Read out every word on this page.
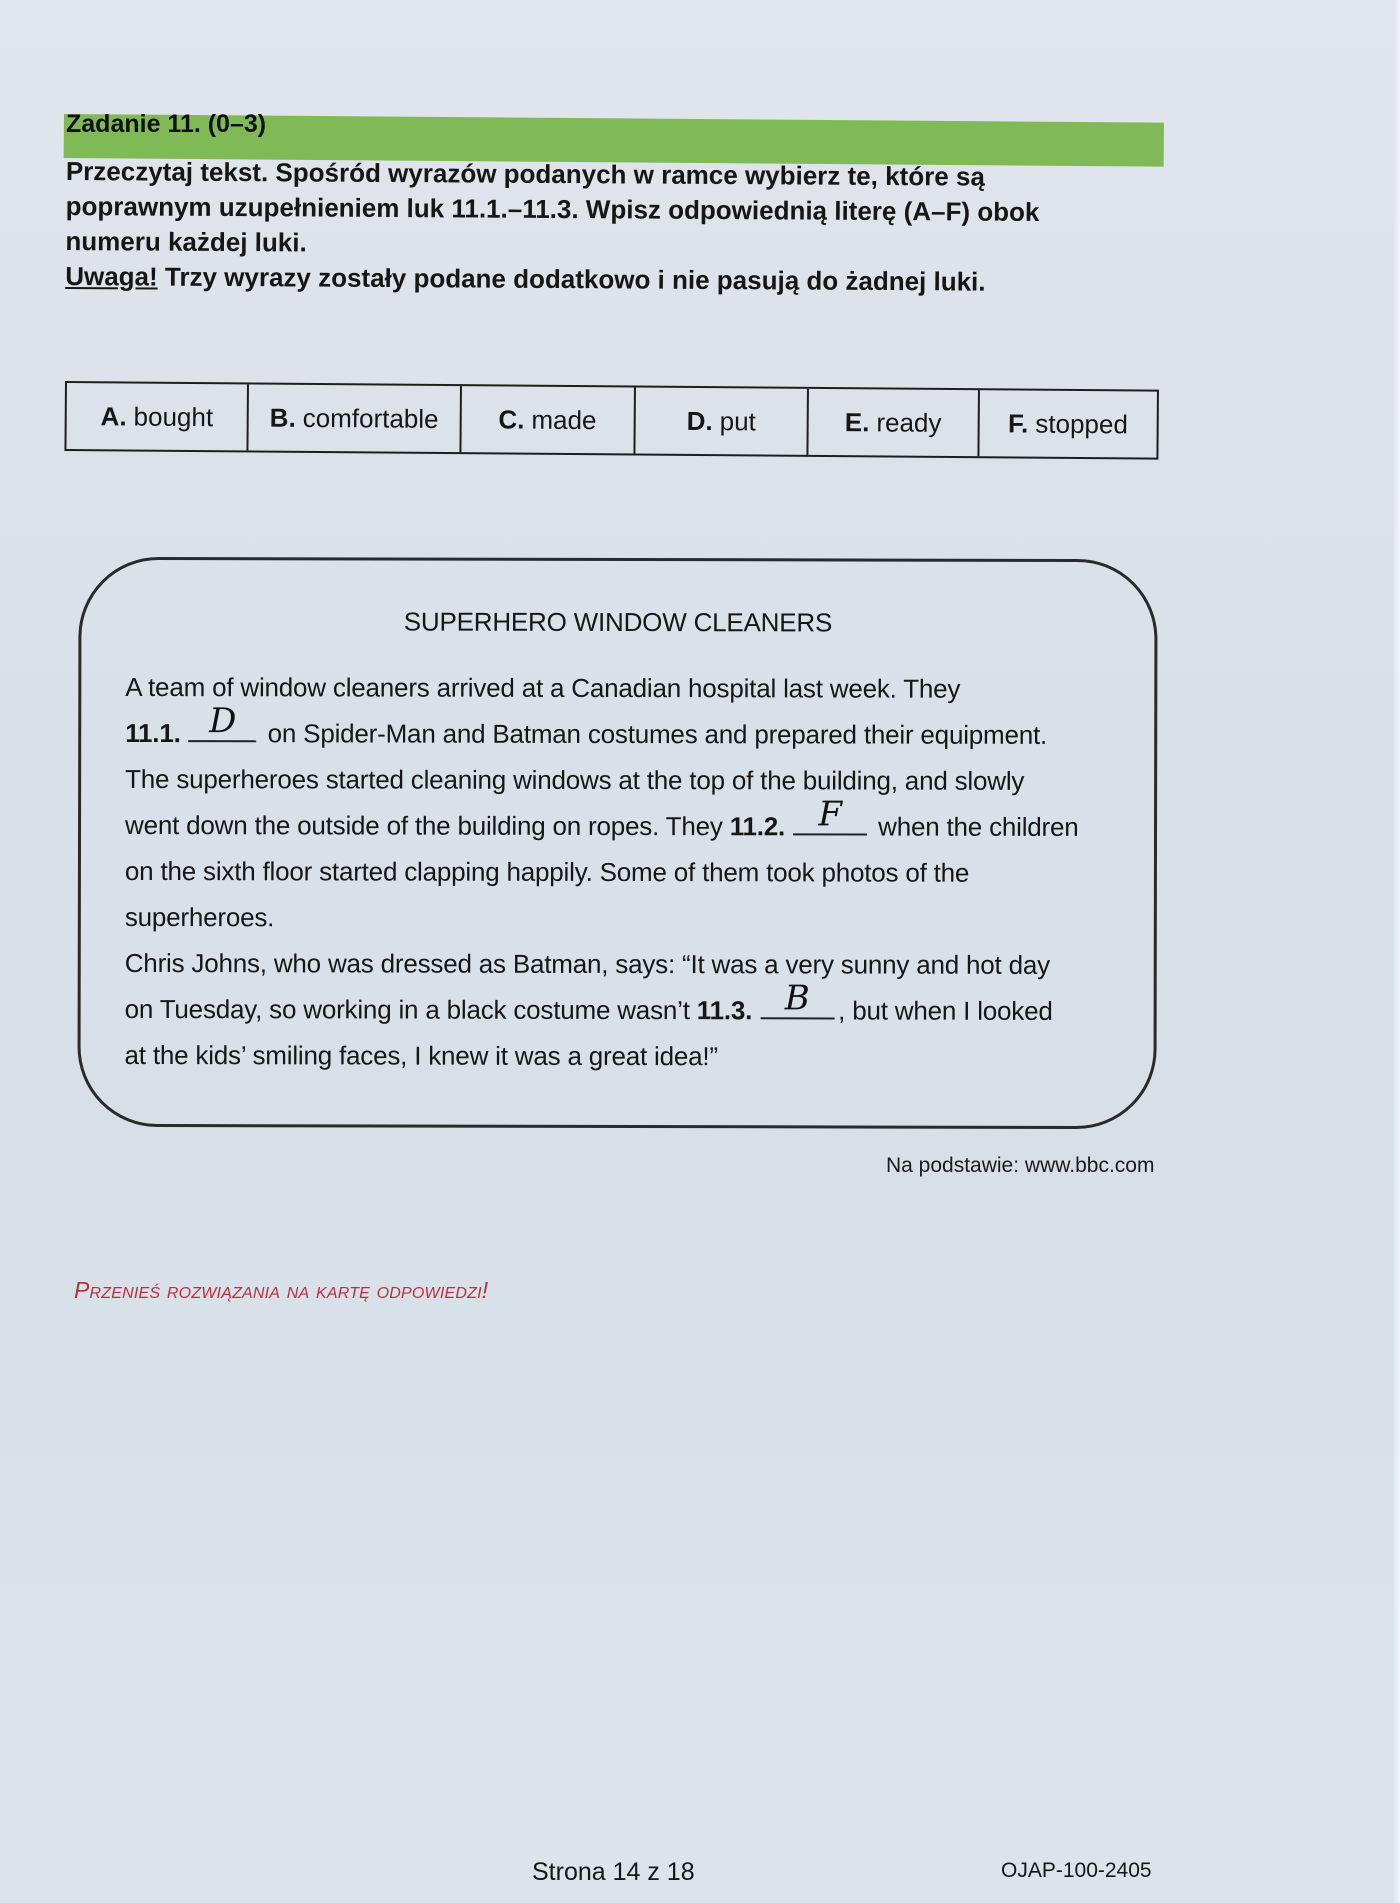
Zadanie 11. (0–3)
Przeczytaj tekst. Spośród wyrazów podanych w ramce wybierz te, które są
poprawnym uzupełnieniem luk 11.1.–11.3. Wpisz odpowiednią literę (A–F) obok
numeru każdej luki.
Uwaga! Trzy wyrazy zostały podane dodatkowo i nie pasują do żadnej luki.
A. bought B. comfortable C. made	D. put	E. ready	F. stopped
SUPERHERO WINDOW CLEANERS
A team of window cleaners arrived at a Canadian hospital last week. They
11.1. D on Spider-Man and Batman costumes and prepared their equipment.
The superheroes started cleaning windows at the top of the building, and slowly
went down the outside of the building on ropes. They 11.2. F	when the children
on the sixth floor started clapping happily. Some of them took photos of the
superheroes.
Chris Johns, who was dressed as Batman, says: “It was a very sunny and hot day
on Tuesday, so working in a black costume wasn’t 11.3. B	, but when I looked
at the kids’ smiling faces, I knew it was a great idea!”
Na podstawie: www.bbc.com
Przenieś rozwiązania na kartę odpowiedzi!
Strona 14 z 18	OJAP-100-2405
